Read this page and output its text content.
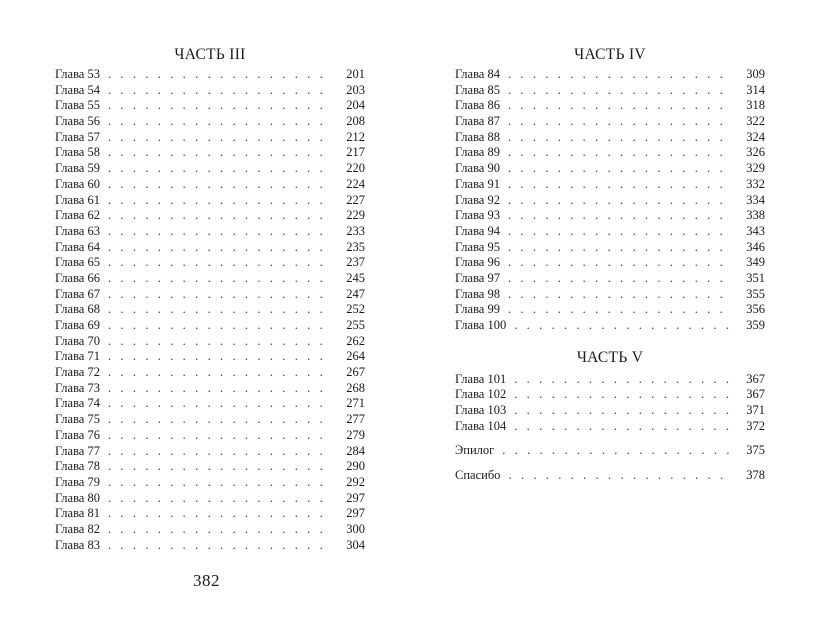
ЧАСТЬ III
Глава 53 . . .	201
Глава 54 . . .	203
Глава 55 . . .	204
Глава 56 . . .	208
Глава 57 . . .	212
Глава 58 . . .	217
Глава 59 . . .	220
Глава 60 . . .	224
Глава 61 . . .	227
Глава 62 . . .	229
Глава 63 . . .	233
Глава 64 . . .	235
Глава 65 . . .	237
Глава 66 . . .	245
Глава 67 . . .	247
Глава 68 . . .	252
Глава 69 . . .	255
Глава 70 . . .	262
Глава 71 . . .	264
Глава 72 . . .	267
Глава 73 . . .	268
Глава 74 . . .	271
Глава 75 . . .	277
Глава 76 . . .	279
Глава 77 . . .	284
Глава 78 . . .	290
Глава 79 . . .	292
Глава 80 . . .	297
Глава 81 . . .	297
Глава 82 . . .	300
Глава 83 . . .	304
ЧАСТЬ IV
Глава 84 . . .	309
Глава 85 . . .	314
Глава 86 . . .	318
Глава 87 . . .	322
Глава 88 . . .	324
Глава 89 . . .	326
Глава 90 . . .	329
Глава 91 . . .	332
Глава 92 . . .	334
Глава 93 . . .	338
Глава 94 . . .	343
Глава 95 . . .	346
Глава 96 . . .	349
Глава 97 . . .	351
Глава 98 . . .	355
Глава 99 . . .	356
Глава 100 . . .	359
ЧАСТЬ V
Глава 101 . . .	367
Глава 102 . . .	367
Глава 103 . . .	371
Глава 104 . . .	372
Эпилог . . .	375
Спасибо . . .	378
382
